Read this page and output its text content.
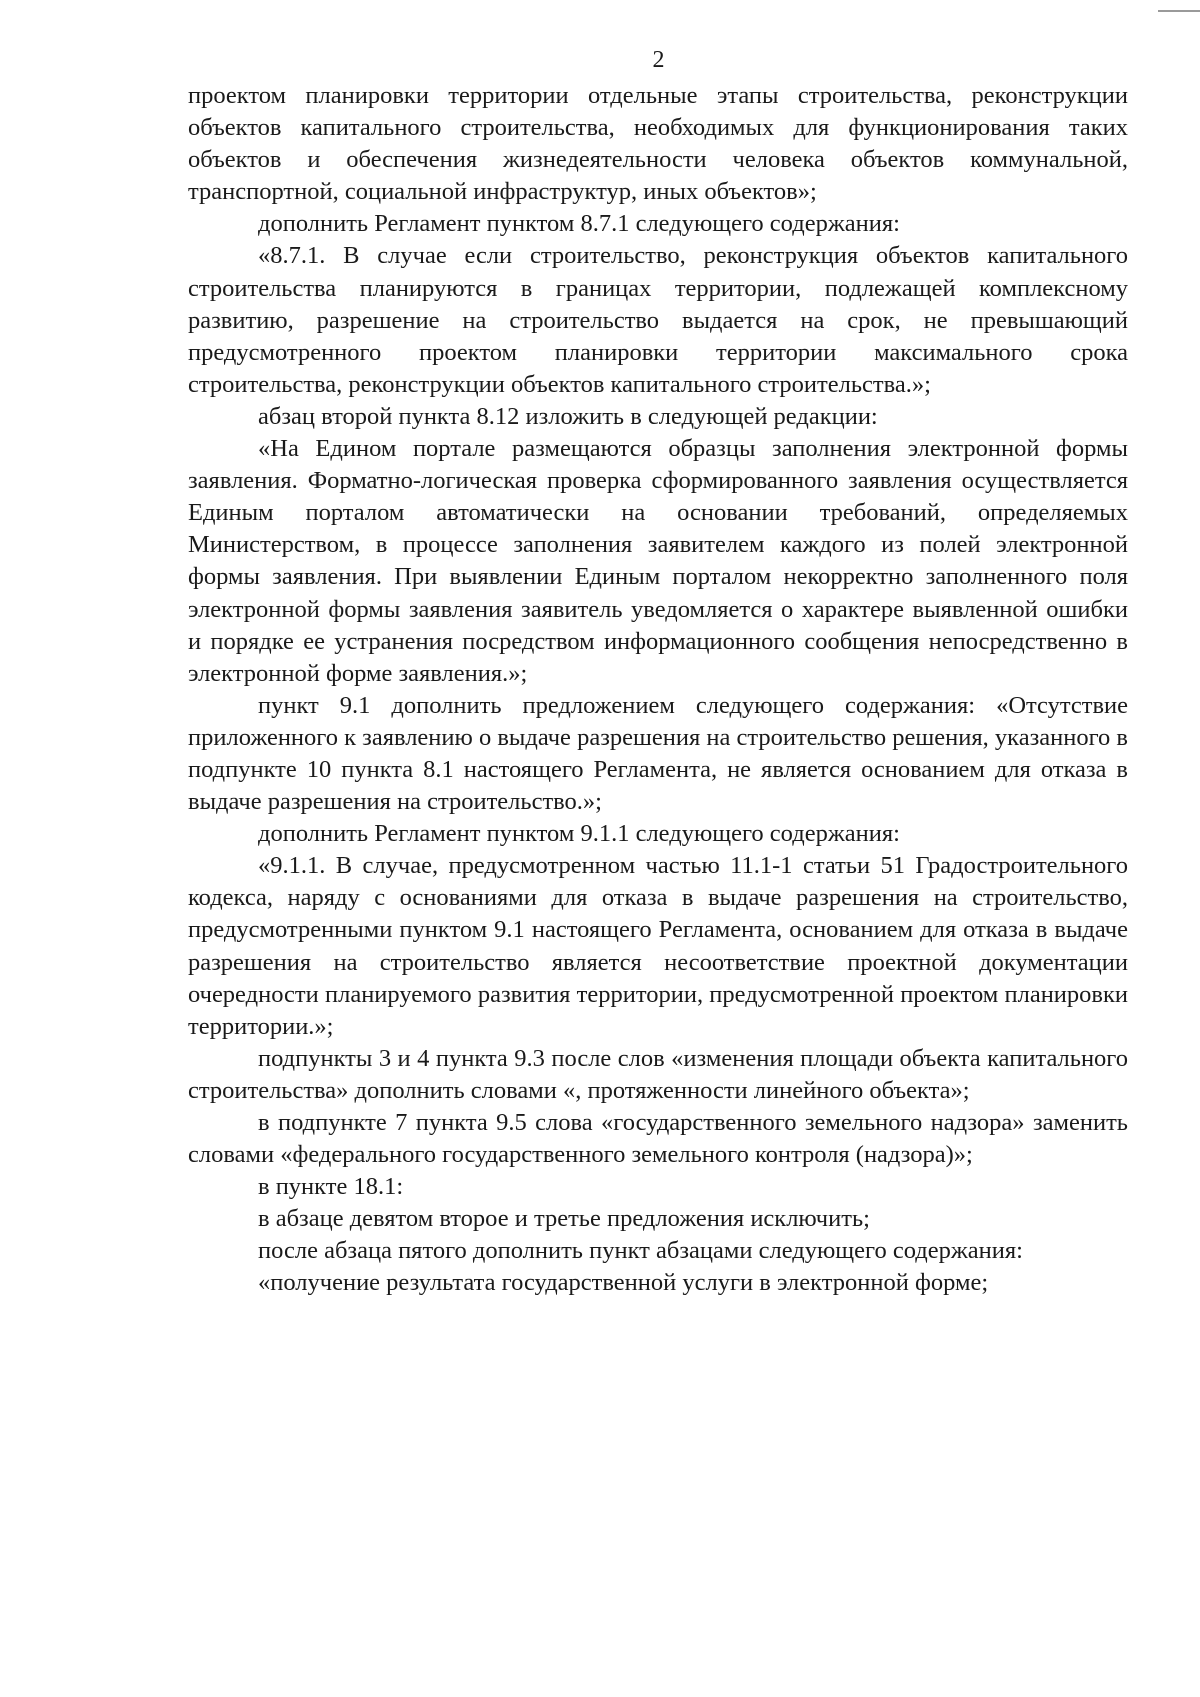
2

проектом планировки территории отдельные этапы строительства, реконструкции объектов капитального строительства, необходимых для функционирования таких объектов и обеспечения жизнедеятельности человека объектов коммунальной, транспортной, социальной инфраструктур, иных объектов»;

дополнить Регламент пунктом 8.7.1 следующего содержания:

«8.7.1. В случае если строительство, реконструкция объектов капитального строительства планируются в границах территории, подлежащей комплексному развитию, разрешение на строительство выдается на срок, не превышающий предусмотренного проектом планировки территории максимального срока строительства, реконструкции объектов капитального строительства.»;

абзац второй пункта 8.12 изложить в следующей редакции:

«На Едином портале размещаются образцы заполнения электронной формы заявления. Форматно-логическая проверка сформированного заявления осуществляется Единым порталом автоматически на основании требований, определяемых Министерством, в процессе заполнения заявителем каждого из полей электронной формы заявления. При выявлении Единым порталом некорректно заполненного поля электронной формы заявления заявитель уведомляется о характере выявленной ошибки и порядке ее устранения посредством информационного сообщения непосредственно в электронной форме заявления.»;

пункт 9.1 дополнить предложением следующего содержания: «Отсутствие приложенного к заявлению о выдаче разрешения на строительство решения, указанного в подпункте 10 пункта 8.1 настоящего Регламента, не является основанием для отказа в выдаче разрешения на строительство.»;

дополнить Регламент пунктом 9.1.1 следующего содержания:

«9.1.1. В случае, предусмотренном частью 11.1-1 статьи 51 Градостроительного кодекса, наряду с основаниями для отказа в выдаче разрешения на строительство, предусмотренными пунктом 9.1 настоящего Регламента, основанием для отказа в выдаче разрешения на строительство является несоответствие проектной документации очередности планируемого развития территории, предусмотренной проектом планировки территории.»;

подпункты 3 и 4 пункта 9.3 после слов «изменения площади объекта капитального строительства» дополнить словами «, протяженности линейного объекта»;

в подпункте 7 пункта 9.5 слова «государственного земельного надзора» заменить словами «федерального государственного земельного контроля (надзора)»;

в пункте 18.1:

в абзаце девятом второе и третье предложения исключить;

после абзаца пятого дополнить пункт абзацами следующего содержания:

«получение результата государственной услуги в электронной форме;
